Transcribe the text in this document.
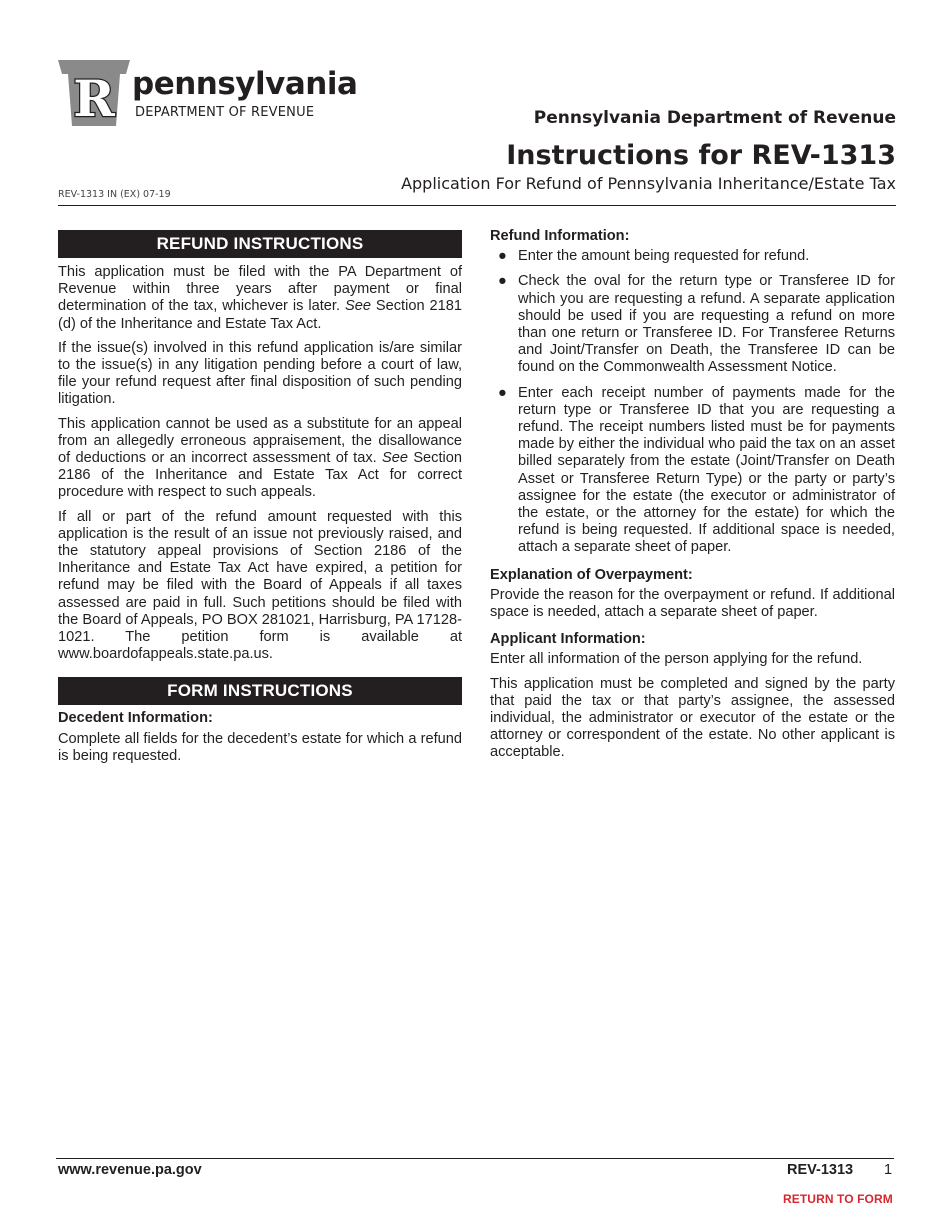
R pennsylvania
DEPARTMENT OF REVENUE	Pennsylvania Department of Revenue
Instructions for REV-1313
Application For Refund of Pennsylvania Inheritance/Estate Tax
REV-1313 IN (EX) 07-19
REFUND INSTRUCTIONS

This application must be filed with the PA Department of Revenue within three years after payment or final determination of the tax, whichever is later. See Section 2181 (d) of the Inheritance and Estate Tax Act.

If the issue(s) involved in this refund application is/are similar to the issue(s) in any litigation pending before a court of law, file your refund request after final disposition of such pending litigation.

This application cannot be used as a substitute for an appeal from an allegedly erroneous appraisement, the disallowance of deductions or an incorrect assessment of tax. See Section 2186 of the Inheritance and Estate Tax Act for correct procedure with respect to such appeals.

If all or part of the refund amount requested with this application is the result of an issue not previously raised, and the statutory appeal provisions of Section 2186 of the Inheritance and Estate Tax Act have expired, a petition for refund may be filed with the Board of Appeals if all taxes assessed are paid in full. Such petitions should be filed with the Board of Appeals, PO BOX 281021, Harrisburg, PA 17128-1021. The petition form is available at www.boardofappeals.state.pa.us.

FORM INSTRUCTIONS

Decedent Information:

Complete all fields for the decedent’s estate for which a refund is being requested.

Refund Information:

● Enter the amount being requested for refund.
● Check the oval for the return type or Transferee ID for which you are requesting a refund. A separate application should be used if you are requesting a refund on more than one return or Transferee ID. For Transferee Returns and Joint/Transfer on Death, the Transferee ID can be found on the Commonwealth Assessment Notice.
● Enter each receipt number of payments made for the return type or Transferee ID that you are requesting a refund. The receipt numbers listed must be for payments made by either the individual who paid the tax on an asset billed separately from the estate (Joint/Transfer on Death Asset or Transferee Return Type) or the party or party’s assignee for the estate (the executor or administrator of the estate, or the attorney for the estate) for which the refund is being requested. If additional space is needed, attach a separate sheet of paper.

Explanation of Overpayment:

Provide the reason for the overpayment or refund. If additional space is needed, attach a separate sheet of paper.

Applicant Information:

Enter all information of the person applying for the refund.

This application must be completed and signed by the party that paid the tax or that party’s assignee, the assessed individual, the administrator or executor of the estate or the attorney or correspondent of the estate. No other applicant is acceptable.

www.revenue.pa.gov	REV-1313 1
RETURN TO FORM
